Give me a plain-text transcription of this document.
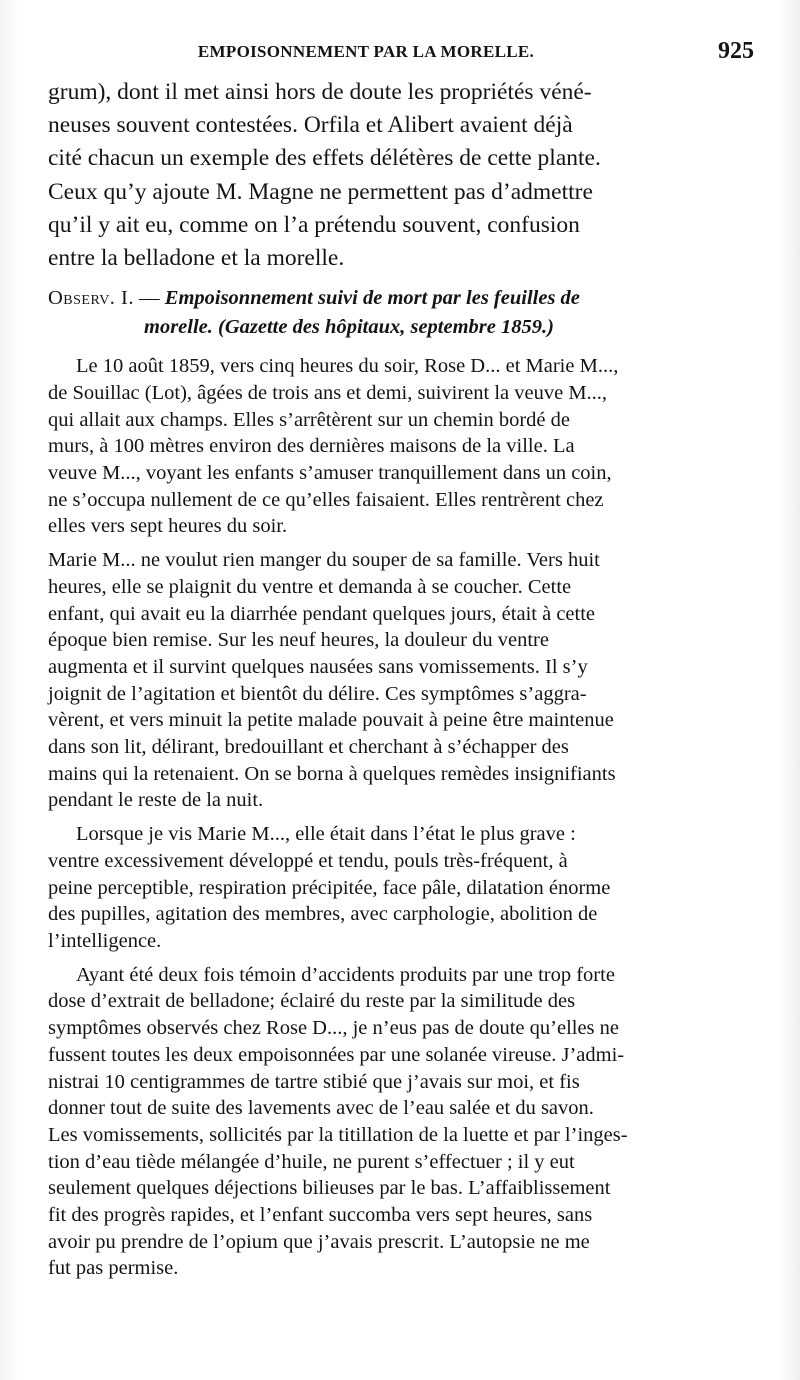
EMPOISONNEMENT PAR LA MORELLE.	925

grum), dont il met ainsi hors de doute les propriétés véné-
neuses souvent contestées. Orfila et Alibert avaient déjà
cité chacun un exemple des effets délétères de cette plante.
Ceux qu’y ajoute M. Magne ne permettent pas d’admettre
qu’il y ait eu, comme on l’a prétendu souvent, confusion
entre la belladone et la morelle.

Observ. I. — Empoisonnement suivi de mort par les feuilles de
morelle. (Gazette des hôpitaux, septembre 1859.)

Le 10 août 1859, vers cinq heures du soir, Rose D... et Marie M...,
de Souillac (Lot), âgées de trois ans et demi, suivirent la veuve M...,
qui allait aux champs. Elles s’arrêtèrent sur un chemin bordé de
murs, à 100 mètres environ des dernières maisons de la ville. La
veuve M..., voyant les enfants s’amuser tranquillement dans un coin,
ne s’occupa nullement de ce qu’elles faisaient. Elles rentrèrent chez
elles vers sept heures du soir.

Marie M... ne voulut rien manger du souper de sa famille. Vers huit
heures, elle se plaignit du ventre et demanda à se coucher. Cette
enfant, qui avait eu la diarrhée pendant quelques jours, était à cette
époque bien remise. Sur les neuf heures, la douleur du ventre
augmenta et il survint quelques nausées sans vomissements. Il s’y
joignit de l’agitation et bientôt du délire. Ces symptômes s’aggra-
vèrent, et vers minuit la petite malade pouvait à peine être maintenue
dans son lit, délirant, bredouillant et cherchant à s’échapper des
mains qui la retenaient. On se borna à quelques remèdes insignifiants
pendant le reste de la nuit.

Lorsque je vis Marie M..., elle était dans l’état le plus grave :
ventre excessivement développé et tendu, pouls très-fréquent, à
peine perceptible, respiration précipitée, face pâle, dilatation énorme
des pupilles, agitation des membres, avec carphologie, abolition de
l’intelligence.

Ayant été deux fois témoin d’accidents produits par une trop forte
dose d’extrait de belladone; éclairé du reste par la similitude des
symptômes observés chez Rose D..., je n’eus pas de doute qu’elles ne
fussent toutes les deux empoisonnées par une solanée vireuse. J’admi-
nistrai 10 centigrammes de tartre stibié que j’avais sur moi, et fis
donner tout de suite des lavements avec de l’eau salée et du savon.
Les vomissements, sollicités par la titillation de la luette et par l’inges-
tion d’eau tiède mélangée d’huile, ne purent s’effectuer ; il y eut
seulement quelques déjections bilieuses par le bas. L’affaiblissement
fit des progrès rapides, et l’enfant succomba vers sept heures, sans
avoir pu prendre de l’opium que j’avais prescrit. L’autopsie ne me
fut pas permise.
